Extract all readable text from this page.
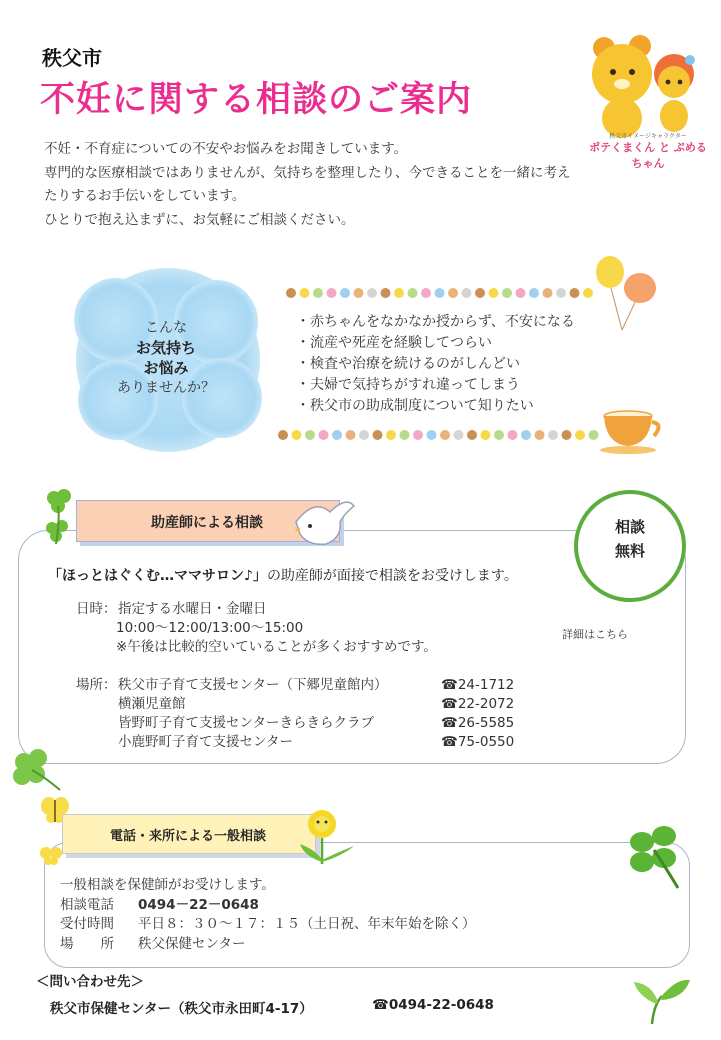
秩父市
不妊に関する相談のご案内
秩父市イメージキャラクター
ポテくまくん と ぷめるちゃん

不妊・不育症についての不安やお悩みをお聞きしています。

専門的な医療相談ではありませんが、気持ちを整理したり、今できることを一緒に考え

たりするお手伝いをしています。

ひとりで抱え込まずに、お気軽にご相談ください。

こんな
お気持ち
お悩み
ありませんか？
・赤ちゃんをなかなか授からず、不安になる
・流産や死産を経験してつらい
・検査や治療を続けるのがしんどい
・夫婦で気持ちがすれ違ってしまう
・秩父市の助成制度について知りたい
助産師による相談	相談
無料
「ほっとはぐくむ…ママサロン♪」の助産師が面接で相談をお受けします。
日時： 指定する水曜日・金曜日
10:00～12:00/13:00～15:00
※午後は比較的空いていることが多くおすすめです。
場所： 秩父市子育て支援センター（下郷児童館内）	☎24-1712
横瀬児童館	☎22-2072
皆野町子育て支援センターきらきらクラブ	☎26-5585
小鹿野町子育て支援センター	☎75-0550
詳細はこちら
電話・来所による一般相談
一般相談を保健師がお受けします。
相談電話 0494－22－0648
受付時間 平日８：３０～１７：１５（土日祝、年末年始を除く）
場　　所 秩父保健センター
＜問い合わせ先＞
秩父市保健センター（秩父市永田町4-17）	☎0494-22-0648
